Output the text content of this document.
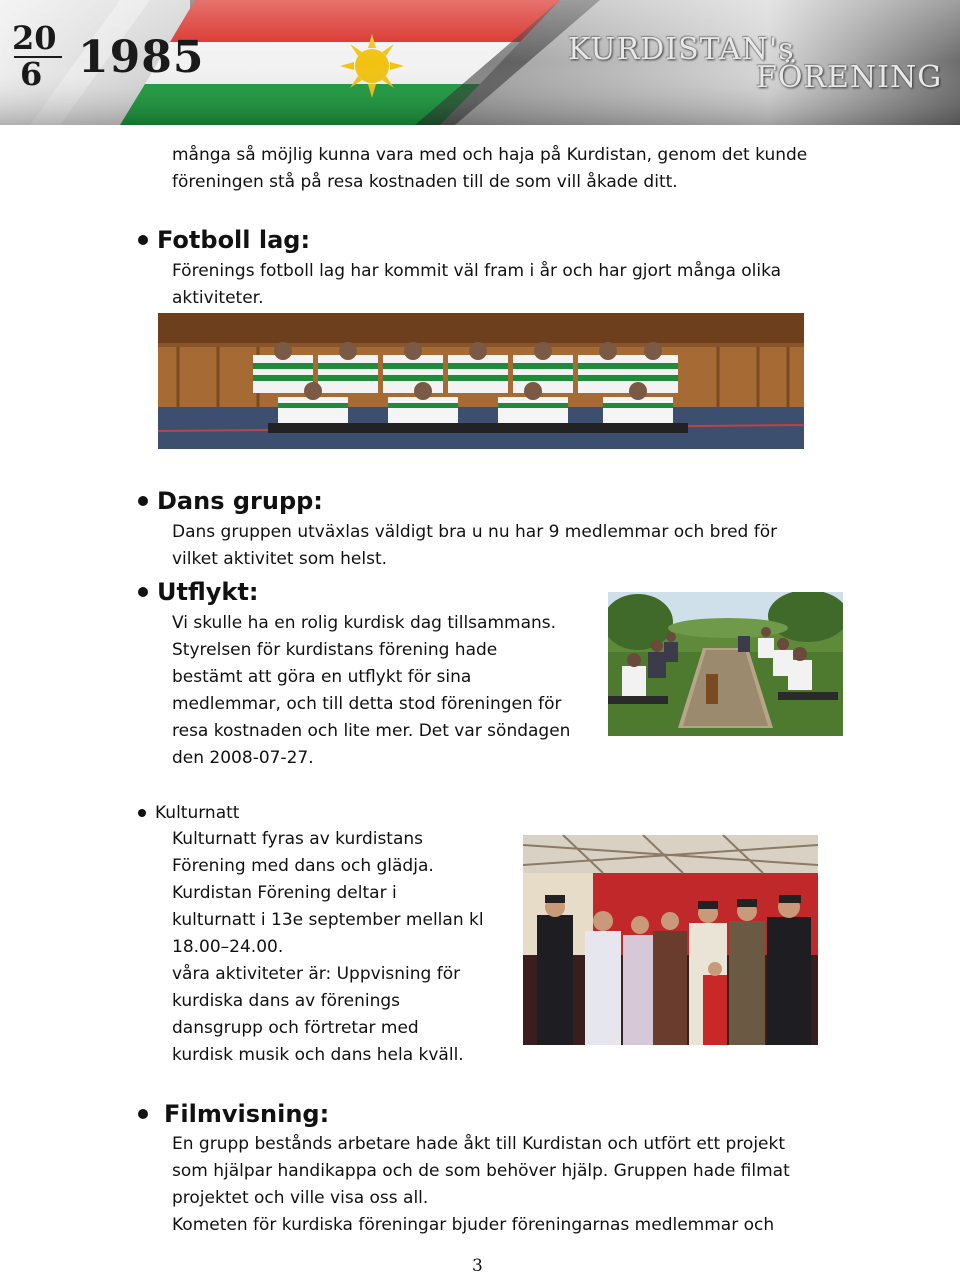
20
6 1985	KURDISTAN's
FÖRENING

många så möjlig kunna vara med och haja på Kurdistan, genom det kunde

föreningen stå på resa kostnaden till de som vill åkade ditt.

Fotboll lag:

Förenings fotboll lag har kommit väl fram i år och har gjort många olika

aktiviteter.

Dans grupp:

Dans gruppen utväxlas väldigt bra u nu har 9 medlemmar och bred för

vilket aktivitet som helst.

Utflykt:

Vi skulle ha en rolig kurdisk dag tillsammans.

Styrelsen för kurdistans förening hade

bestämt att göra en utflykt för sina

medlemmar, och till detta stod föreningen för

resa kostnaden och lite mer. Det var söndagen

den 2008-07-27.

Kulturnatt

Kulturnatt fyras av kurdistans

Förening med dans och glädja.

Kurdistan Förening deltar i

kulturnatt i 13e september mellan kl

18.00–24.00.

våra aktiviteter är: Uppvisning för

kurdiska dans av förenings

dansgrupp och förtretar med

kurdisk musik och dans hela kväll.

Filmvisning:

En grupp bestånds arbetare hade åkt till Kurdistan och utfört ett projekt

som hjälpar handikappa och de som behöver hjälp. Gruppen hade filmat

projektet och ville visa oss all.

Kometen för kurdiska föreningar bjuder föreningarnas medlemmar och

3
